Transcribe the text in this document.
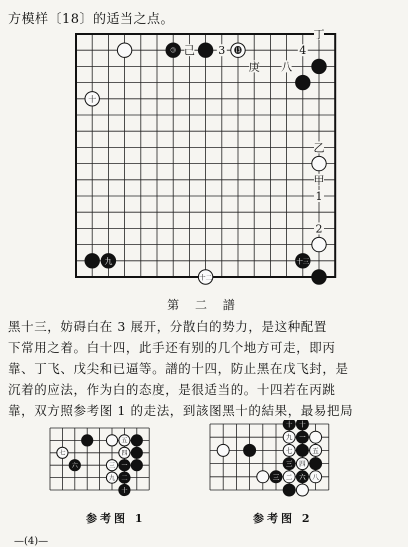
方模样〔18〕的适当之点。
己 3	4
丁
庚 八
乙
甲
1
2
🄯	⓭
十
九	十三
十二
第 二 譜
黑十三，妨碍白在 3 展开，分散白的势力，是这种配置
下常用之着。白十四，此手还有别的几个地方可走，即丙
靠、丁飞、戊尖和已逼等。譜的十四，防止黑在戊飞封，是
沉着的应法，作为白的态度，是很适当的。十四若在丙跳
靠，双方照参考图 1 的走法，到該图黑十的結果，最易把局
七
五
四
一
三
六
九 二
十
参考图 1
十 十
九 一
七	五
三 四
三 二 六 八
参考图 2
—(4)—
